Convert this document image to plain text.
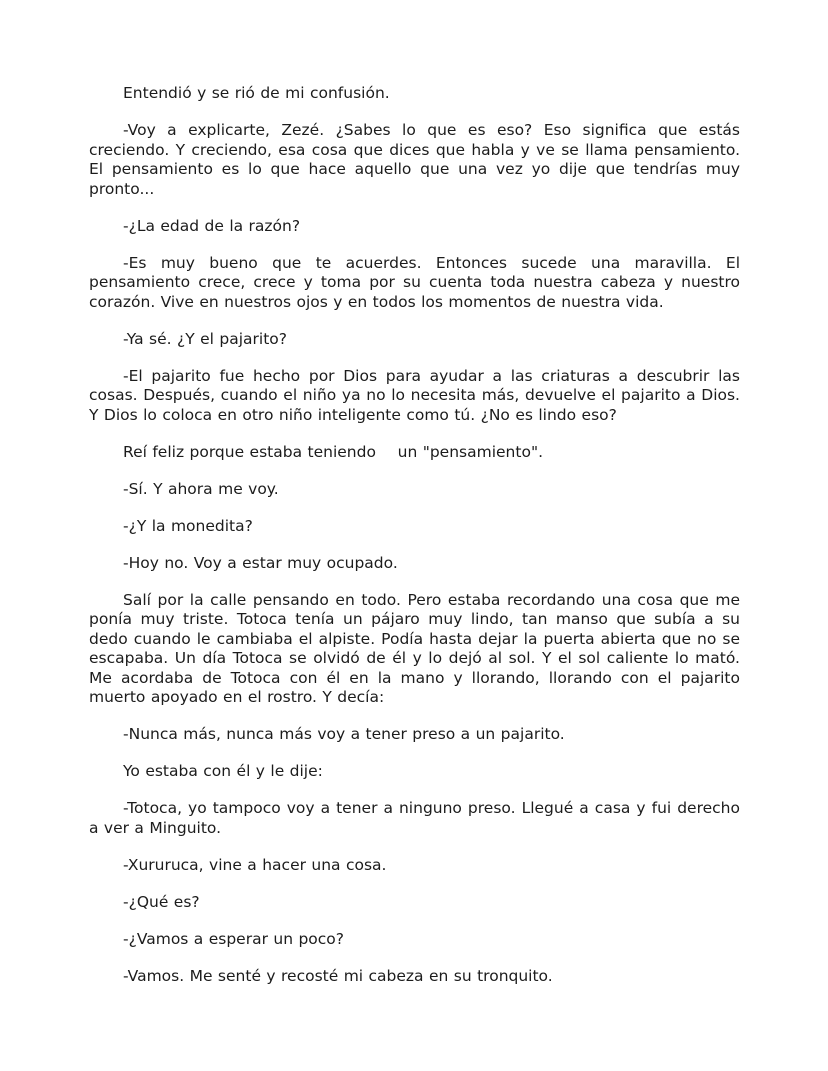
Entendió y se rió de mi confusión.

-Voy a explicarte, Zezé. ¿Sabes lo que es eso? Eso significa que estás creciendo. Y creciendo, esa cosa que dices que habla y ve se llama pensamiento. El pensamiento es lo que hace aquello que una vez yo dije que tendrías muy pronto...

-¿La edad de la razón?

-Es muy bueno que te acuerdes. Entonces sucede una maravilla. El pensamiento crece, crece y toma por su cuenta toda nuestra cabeza y nuestro corazón. Vive en nuestros ojos y en todos los momentos de nuestra vida.

-Ya sé. ¿Y el pajarito?

-El pajarito fue hecho por Dios para ayudar a las criaturas a descubrir las cosas. Después, cuando el niño ya no lo necesita más, devuelve el pajarito a Dios. Y Dios lo coloca en otro niño inteligente como tú. ¿No es lindo eso?

Reí feliz porque estaba teniendo    un "pensamiento".

-Sí. Y ahora me voy.

-¿Y la monedita?

-Hoy no. Voy a estar muy ocupado.

Salí por la calle pensando en todo. Pero estaba recordando una cosa que me ponía muy triste. Totoca tenía un pájaro muy lindo, tan manso que subía a su dedo cuando le cambiaba el alpiste. Podía hasta dejar la puerta abierta que no se escapaba. Un día Totoca se olvidó de él y lo dejó al sol. Y el sol caliente lo mató. Me acordaba de Totoca con él en la mano y llorando, llorando con el pajarito muerto apoyado en el rostro. Y decía:

-Nunca más, nunca más voy a tener preso a un pajarito.

Yo estaba con él y le dije:

-Totoca, yo tampoco voy a tener a ninguno preso. Llegué a casa y fui derecho a ver a Minguito.

-Xururuca, vine a hacer una cosa.

-¿Qué es?

-¿Vamos a esperar un poco?

-Vamos. Me senté y recosté mi cabeza en su tronquito.
